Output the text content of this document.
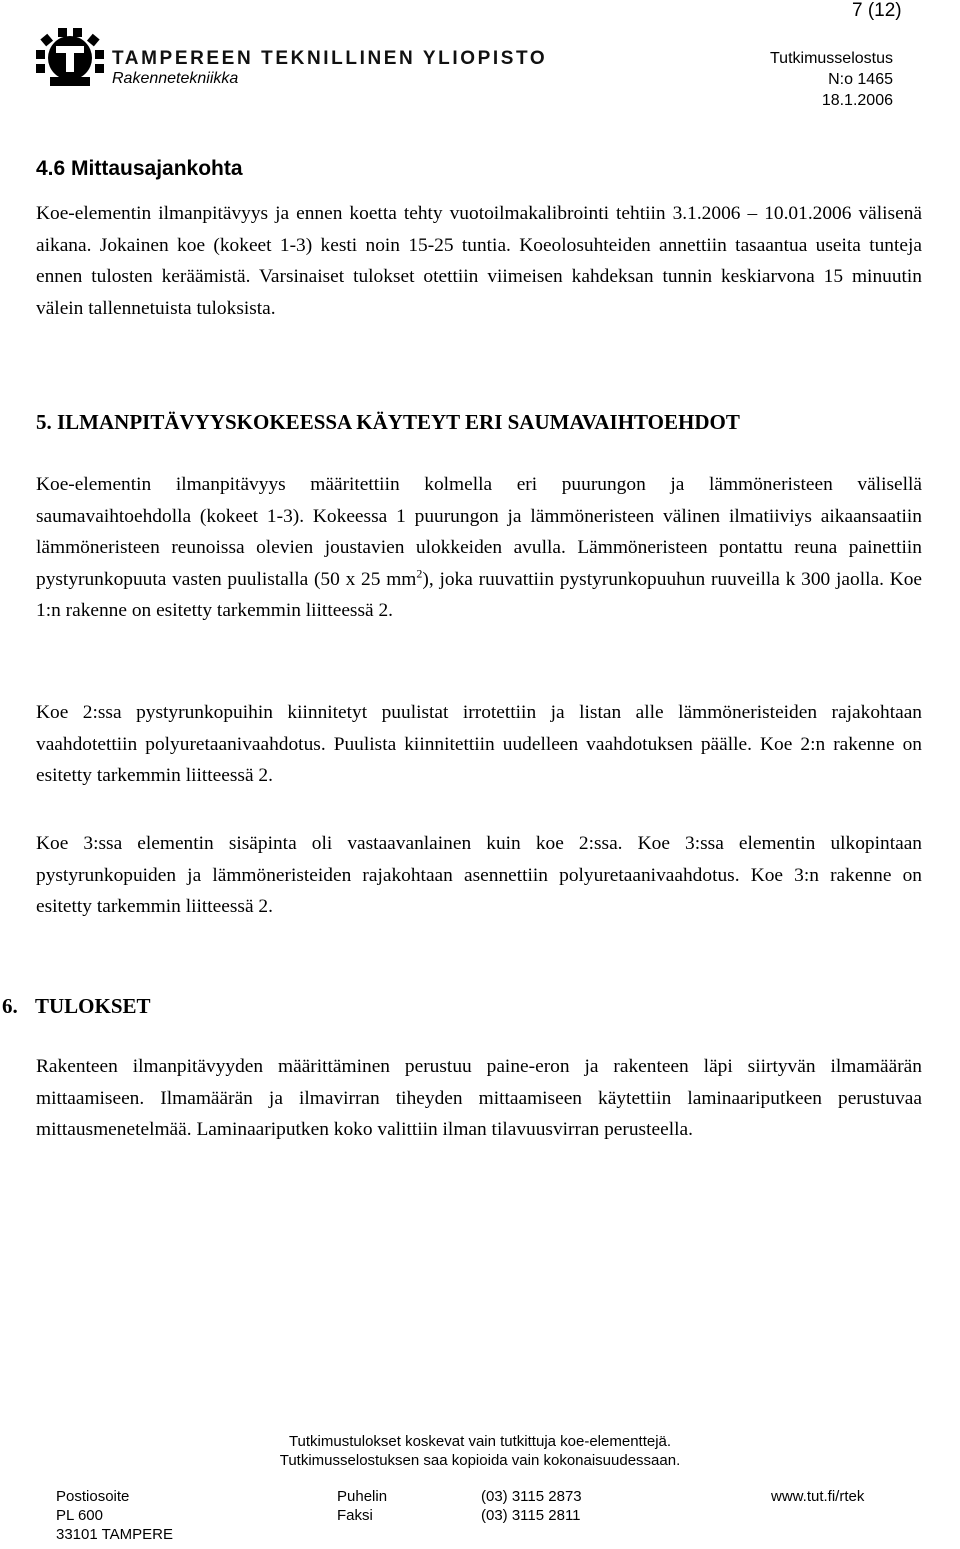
7 (12)
TAMPEREEN TEKNILLINEN YLIOPISTO
Rakennetekniikka
Tutkimusselostus
N:o 1465
18.1.2006
4.6 Mittausajankohta

Koe-elementin ilmanpitävyys ja ennen koetta tehty vuotoilmakalibrointi tehtiin 3.1.2006 – 10.01.2006 välisenä aikana. Jokainen koe (kokeet 1-3) kesti noin 15-25 tuntia. Koeolosuhteiden annettiin tasaantua useita tunteja ennen tulosten keräämistä. Varsinaiset tulokset otettiin viimeisen kahdeksan tunnin keskiarvona 15 minuutin välein tallennetuista tuloksista.

5. ILMANPITÄVYYSKOKEESSA KÄYTEYT ERI SAUMAVAIHTOEHDOT

Koe-elementin ilmanpitävyys määritettiin kolmella eri puurungon ja lämmöneristeen välisellä saumavaihtoehdolla (kokeet 1-3). Kokeessa 1 puurungon ja lämmöneristeen välinen ilmatiiviys aikaansaatiin lämmöneristeen reunoissa olevien joustavien ulokkeiden avulla. Lämmöneristeen pontattu reuna painettiin pystyrunkopuuta vasten puulistalla (50 x 25 $mm^2$), joka ruuvattiin pystyrunkopuuhun ruuveilla k 300 jaolla. Koe 1:n rakenne on esitetty tarkemmin liitteessä 2.

Koe 2:ssa pystyrunkopuihin kiinnitetyt puulistat irrotettiin ja listan alle lämmöneristeiden rajakohtaan vaahdotettiin polyuretaanivaahdotus. Puulista kiinnitettiin uudelleen vaahdotuksen päälle. Koe 2:n rakenne on esitetty tarkemmin liitteessä 2.

Koe 3:ssa elementin sisäpinta oli vastaavanlainen kuin koe 2:ssa. Koe 3:ssa elementin ulkopintaan pystyrunkopuiden ja lämmöneristeiden rajakohtaan asennettiin polyuretaanivaahdotus. Koe 3:n rakenne on esitetty tarkemmin liitteessä 2.

6. TULOKSET

Rakenteen ilmanpitävyyden määrittäminen perustuu paine-eron ja rakenteen läpi siirtyvän ilmamäärän mittaamiseen. Ilmamäärän ja ilmavirran tiheyden mittaamiseen käytettiin laminaariputkeen perustuvaa mittausmenetelmää. Laminaariputken koko valittiin ilman tilavuusvirran perusteella.

Tutkimustulokset koskevat vain tutkittuja koe-elementtejä.
Tutkimusselostuksen saa kopioida vain kokonaisuudessaan.
Postiosoite
PL 600
33101 TAMPERE
Puhelin
Faksi
(03) 3115 2873
(03) 3115 2811
www.tut.fi/rtek
